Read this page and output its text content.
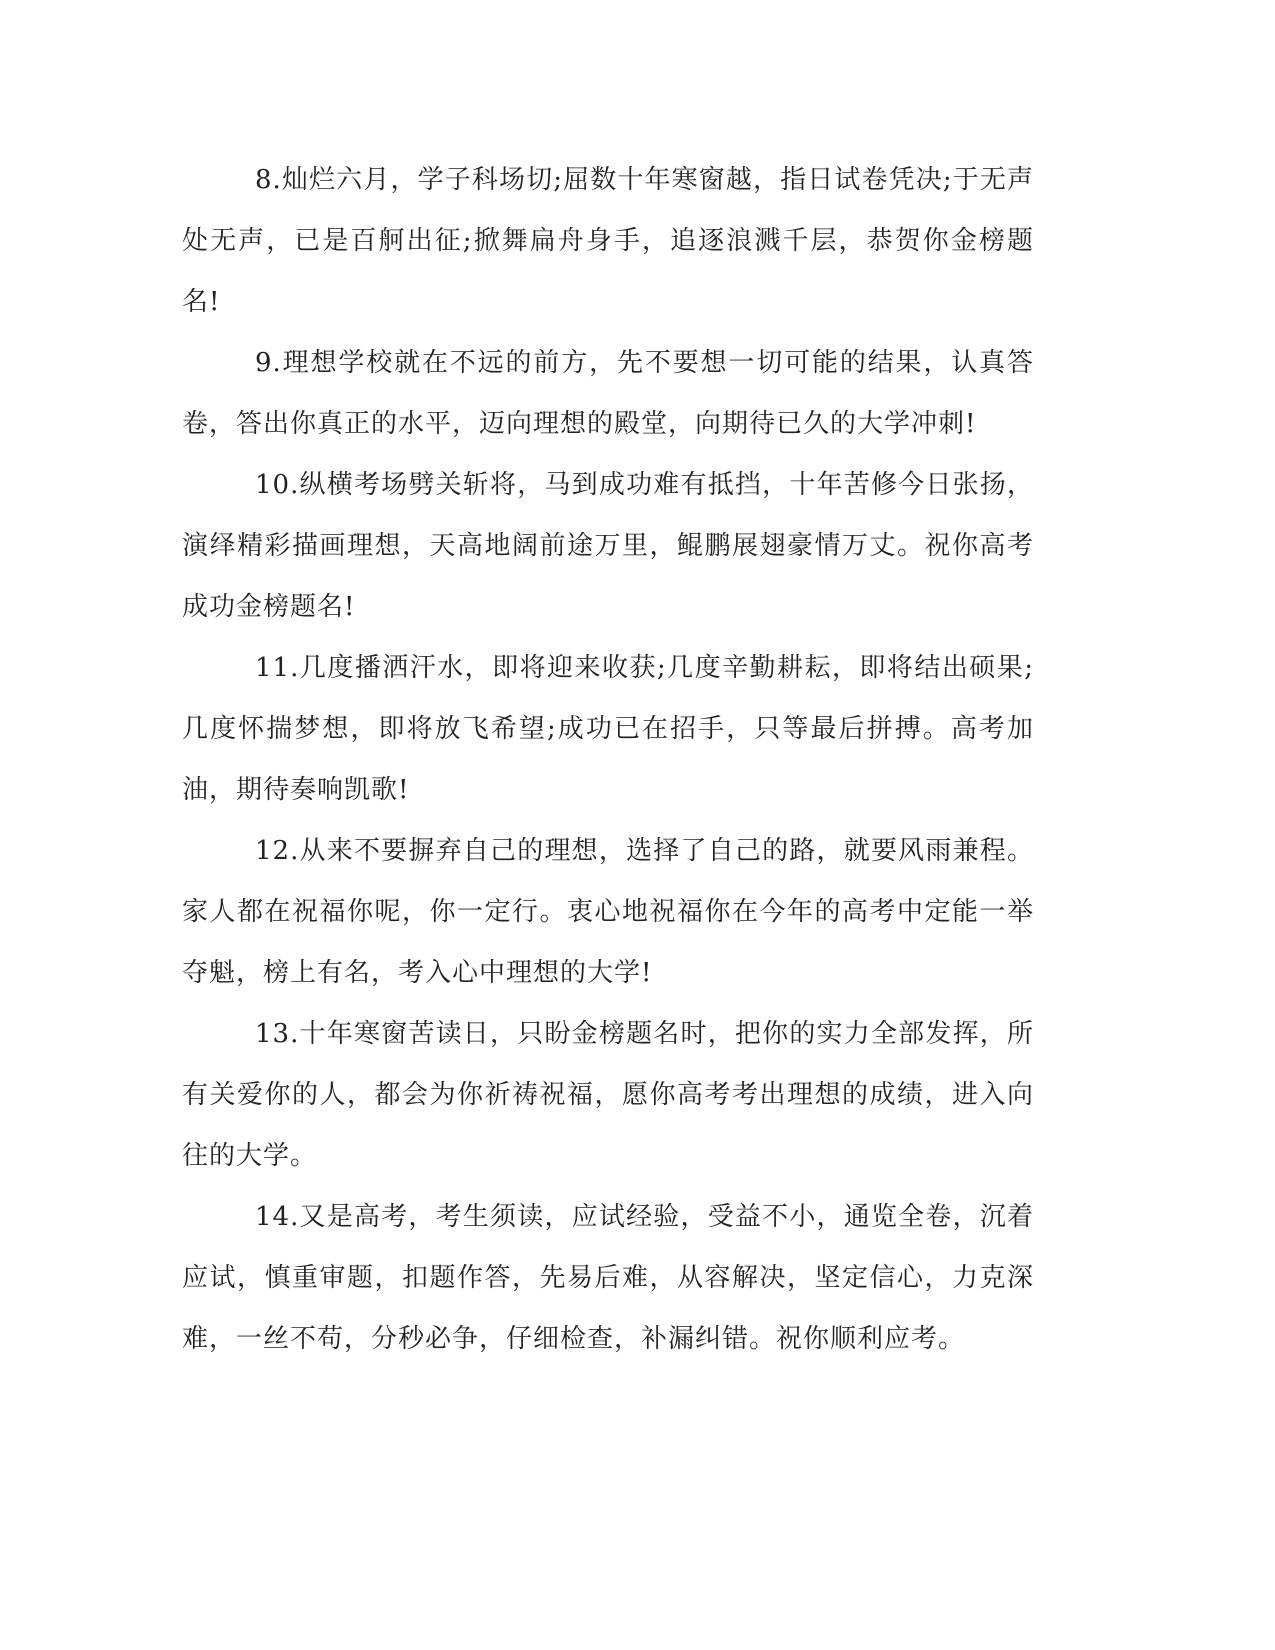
8.灿烂六月，学子科场切;屈数十年寒窗越，指日试卷凭决;于无声处无声，已是百舸出征;掀舞扁舟身手，追逐浪溅千层，恭贺你金榜题名!

9.理想学校就在不远的前方，先不要想一切可能的结果，认真答卷，答出你真正的水平，迈向理想的殿堂，向期待已久的大学冲刺!

10.纵横考场劈关斩将，马到成功难有抵挡，十年苦修今日张扬，演绎精彩描画理想，天高地阔前途万里，鲲鹏展翅豪情万丈。祝你高考成功金榜题名!

11.几度播洒汗水，即将迎来收获;几度辛勤耕耘，即将结出硕果;几度怀揣梦想，即将放飞希望;成功已在招手，只等最后拼搏。高考加油，期待奏响凯歌!

12.从来不要摒弃自己的理想，选择了自己的路，就要风雨兼程。家人都在祝福你呢，你一定行。衷心地祝福你在今年的高考中定能一举夺魁，榜上有名，考入心中理想的大学!

13.十年寒窗苦读日，只盼金榜题名时，把你的实力全部发挥，所有关爱你的人，都会为你祈祷祝福，愿你高考考出理想的成绩，进入向往的大学。

14.又是高考，考生须读，应试经验，受益不小，通览全卷，沉着应试，慎重审题，扣题作答，先易后难，从容解决，坚定信心，力克深难，一丝不苟，分秒必争，仔细检查，补漏纠错。祝你顺利应考。
